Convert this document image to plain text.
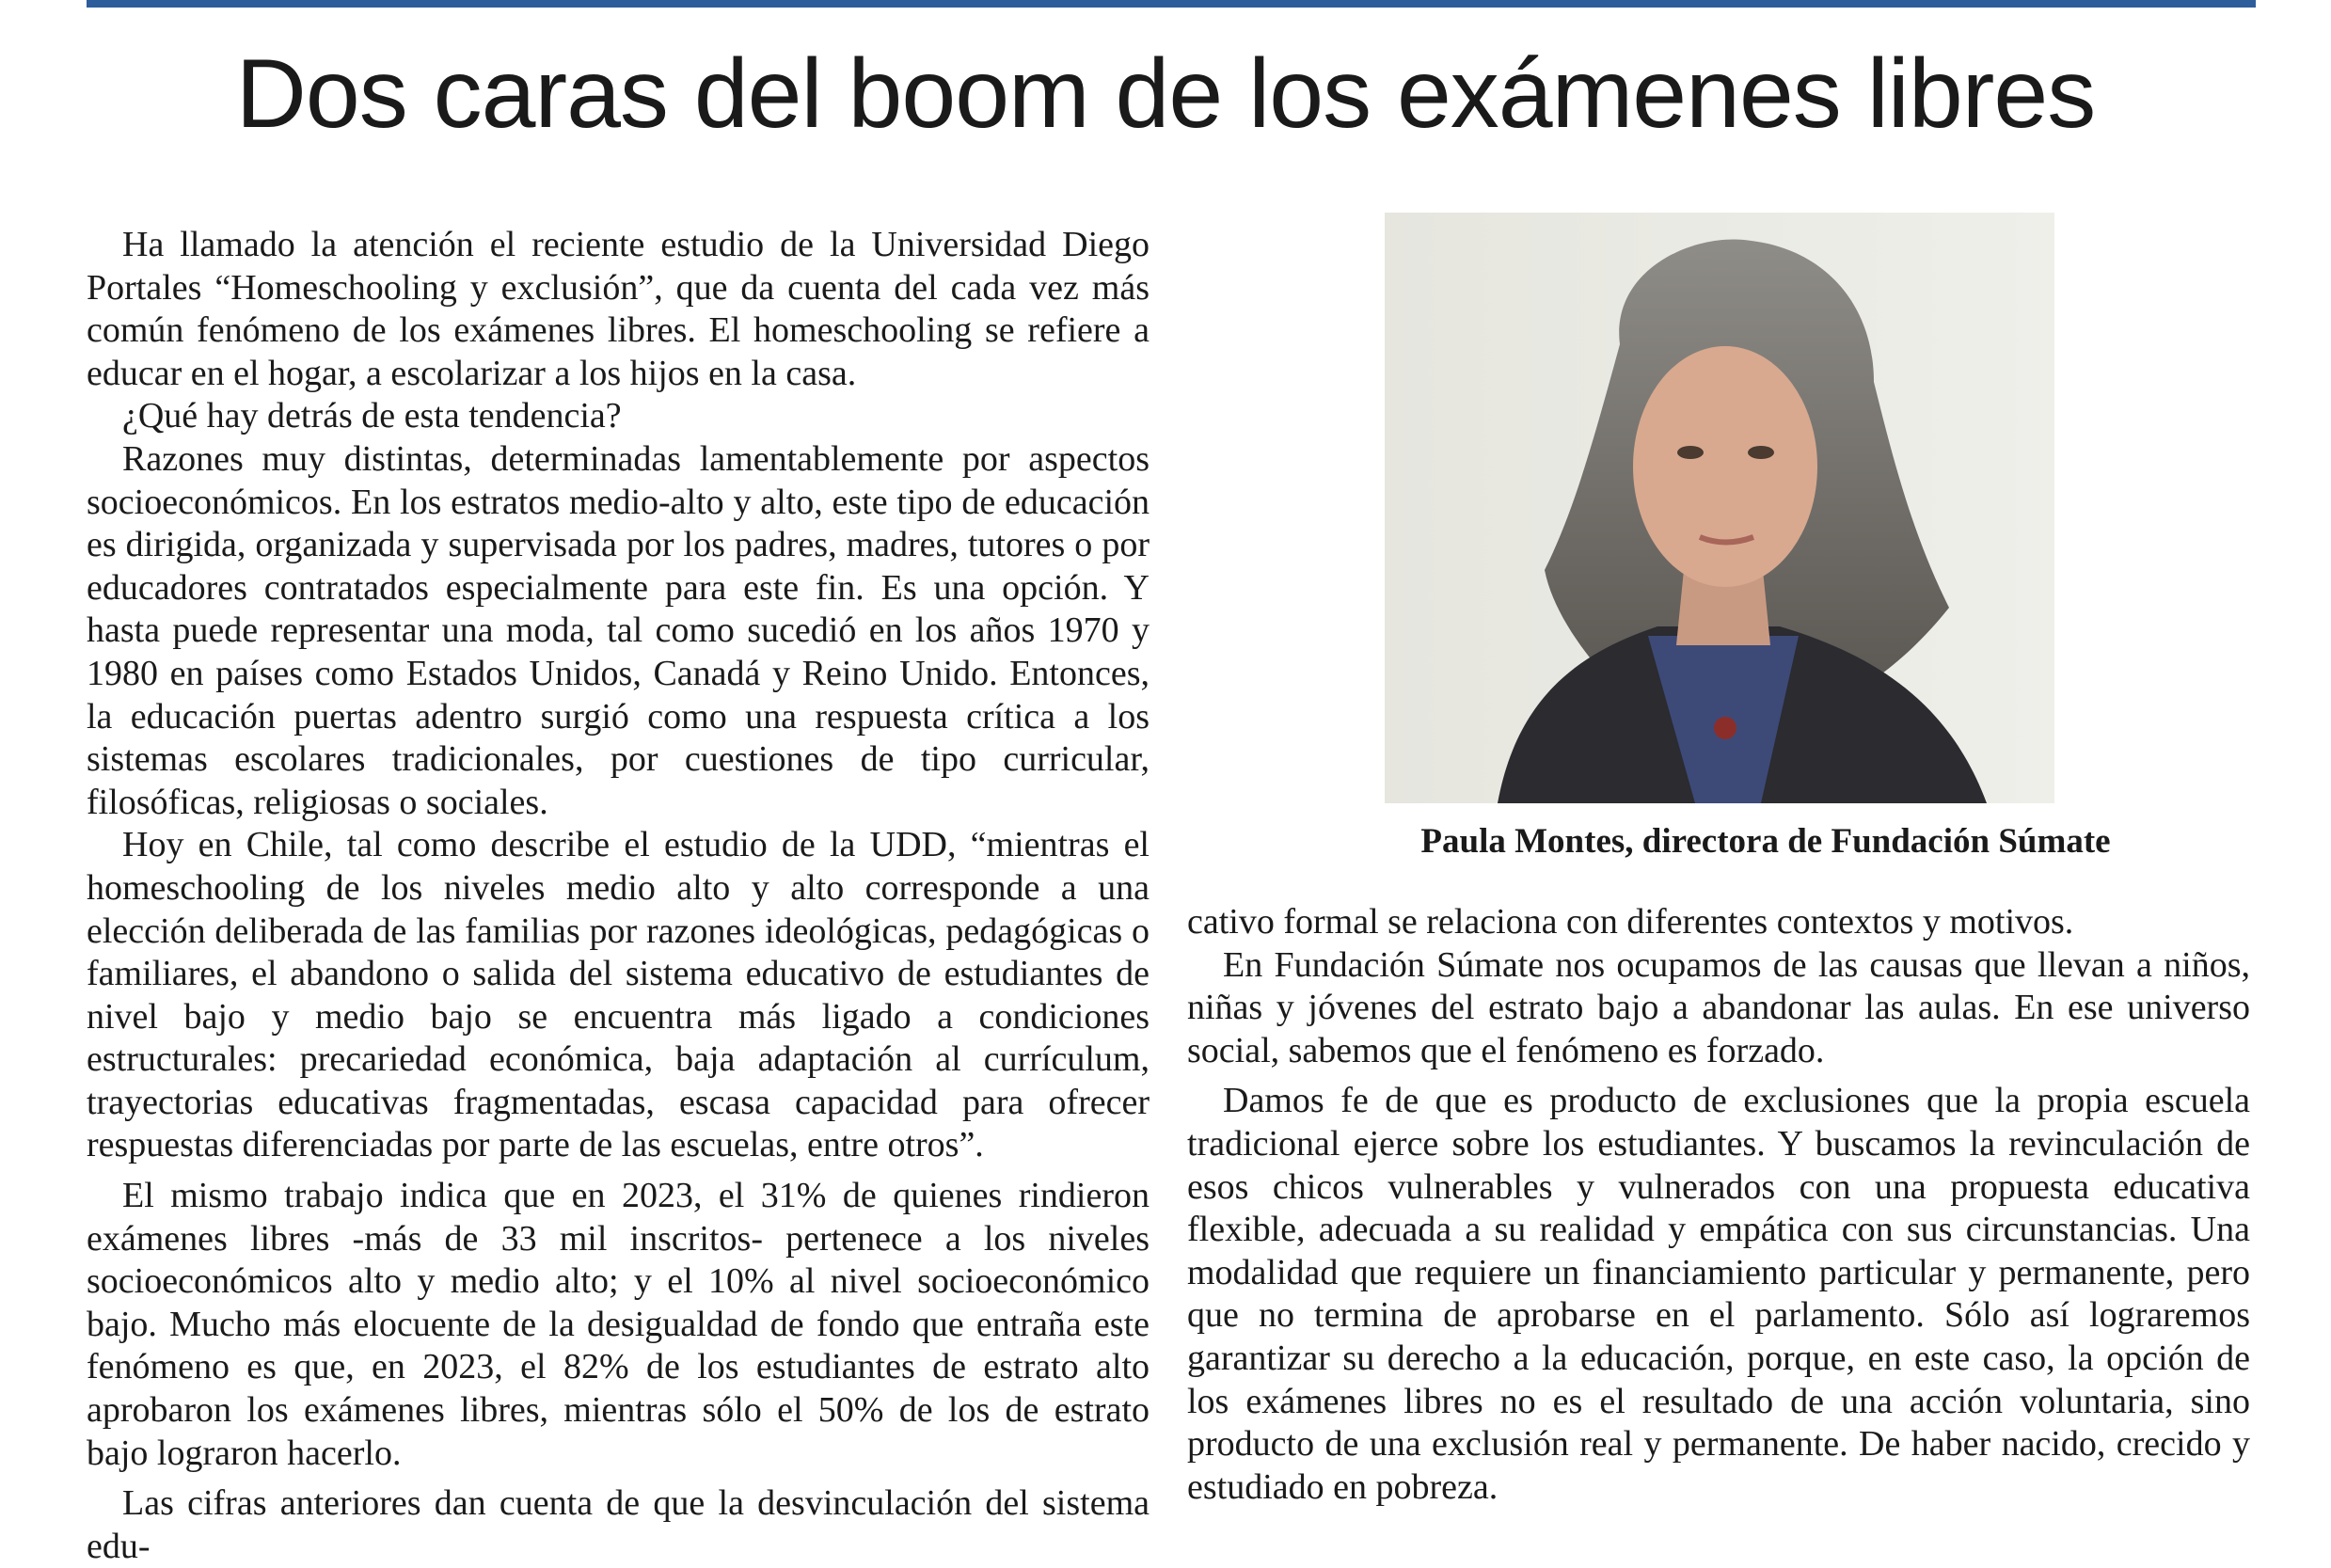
Dos caras del boom de los exámenes libres

Ha llamado la atención el reciente estudio de la Universidad Diego Portales “Homeschooling y exclusión”, que da cuenta del cada vez más común fenómeno de los exámenes libres. El homeschooling se refiere a educar en el hogar, a escolarizar a los hijos en la casa.

¿Qué hay detrás de esta tendencia?

Razones muy distintas, determinadas lamentablemente por aspectos socioeconómicos. En los estratos medio-alto y alto, este tipo de educación es dirigida, organizada y supervisada por los padres, madres, tutores o por educadores contratados especialmente para este fin. Es una opción. Y hasta puede representar una moda, tal como sucedió en los años 1970 y 1980 en países como Estados Unidos, Canadá y Reino Unido. Entonces, la educación puertas adentro surgió como una respuesta crítica a los sistemas escolares tradicionales, por cuestiones de tipo curricular, filosóficas, religiosas o sociales.

Hoy en Chile, tal como describe el estudio de la UDD, “mientras el homeschooling de los niveles medio alto y alto corresponde a una elección deliberada de las familias por razones ideológicas, pedagógicas o familiares, el abandono o salida del sistema educativo de estudiantes de nivel bajo y medio bajo se encuentra más ligado a condiciones estructurales: precariedad económica, baja adaptación al currículum, trayectorias educativas fragmentadas, escasa capacidad para ofrecer respuestas diferenciadas por parte de las escuelas, entre otros”.

El mismo trabajo indica que en 2023, el 31% de quienes rindieron exámenes libres -más de 33 mil inscritos- pertenece a los niveles socioeconómicos alto y medio alto; y el 10% al nivel socioeconómico bajo. Mucho más elocuente de la desigualdad de fondo que entraña este fenómeno es que, en 2023, el 82% de los estudiantes de estrato alto aprobaron los exámenes libres, mientras sólo el 50% de los de estrato bajo lograron hacerlo.

Las cifras anteriores dan cuenta de que la desvinculación del sistema edu-

Paula Montes, directora de Fundación Súmate

cativo formal se relaciona con diferentes contextos y motivos.

En Fundación Súmate nos ocupamos de las causas que llevan a niños, niñas y jóvenes del estrato bajo a abandonar las aulas. En ese universo social, sabemos que el fenómeno es forzado.

Damos fe de que es producto de exclusiones que la propia escuela tradicional ejerce sobre los estudiantes. Y buscamos la revinculación de esos chicos vulnerables y vulnerados con una propuesta educativa flexible, adecuada a su realidad y empática con sus circunstancias. Una modalidad que requiere un financiamiento particular y permanente, pero que no termina de aprobarse en el parlamento. Sólo así lograremos garantizar su derecho a la educación, porque, en este caso, la opción de los exámenes libres no es el resultado de una acción voluntaria, sino producto de una exclusión real y permanente. De haber nacido, crecido y estudiado en pobreza.
